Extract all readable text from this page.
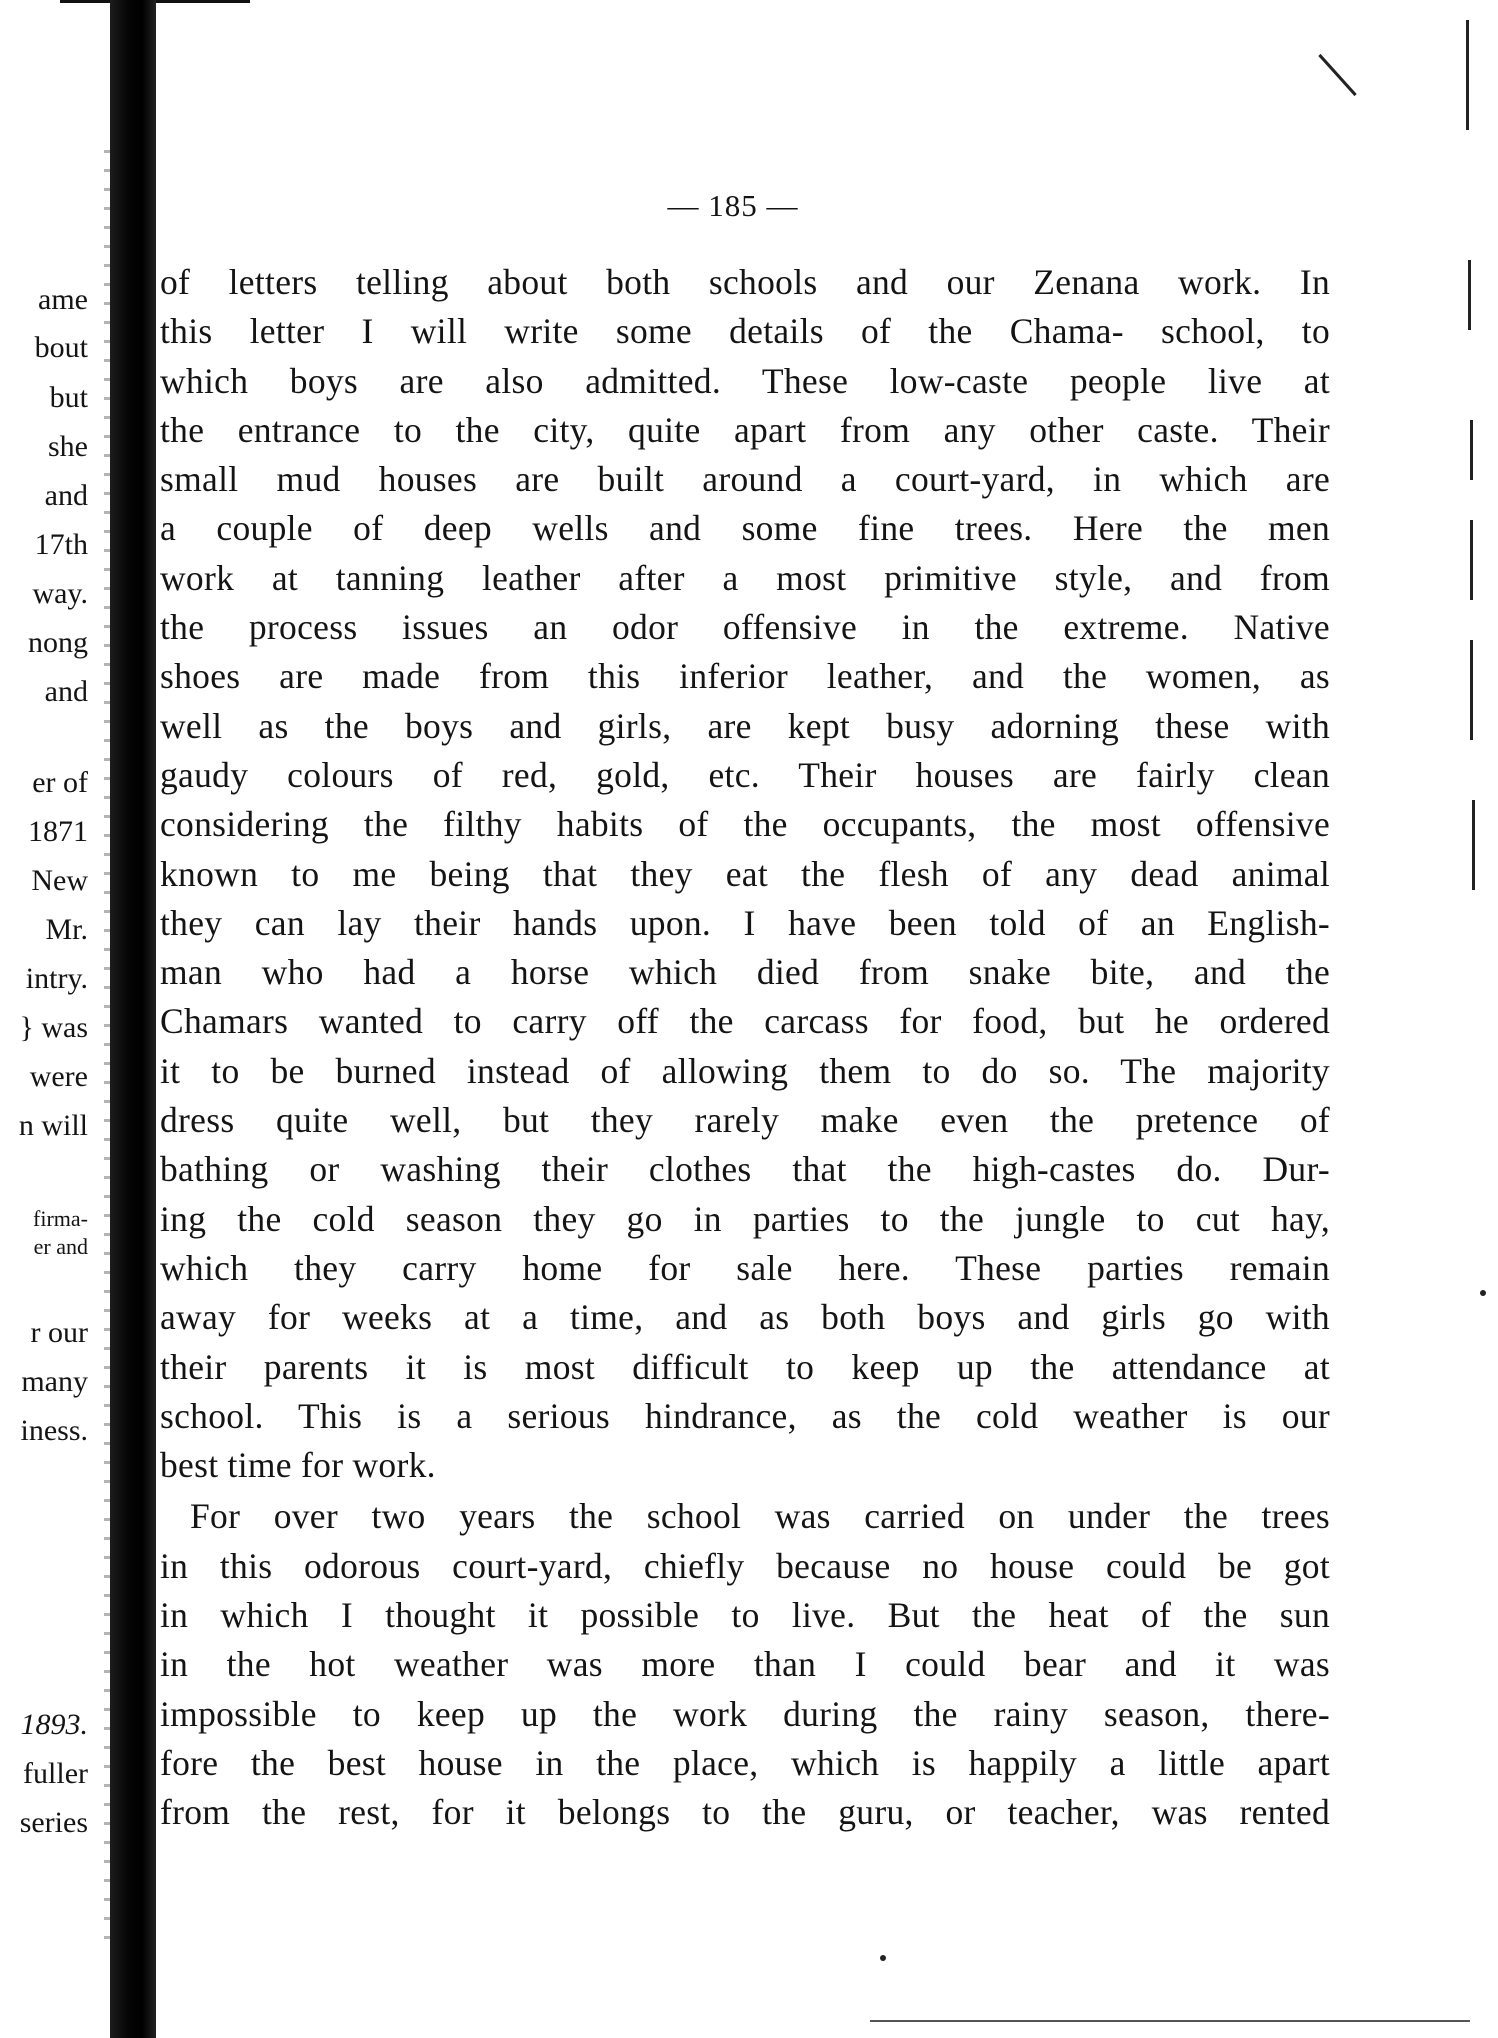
ame
bout
but
she
and
17th
way.
nong
and
er of
1871
New
Mr.
intry.
} was
were
n will
firma-
er and
r our
many
iness.
1893.
fuller
series
— 185 —
of letters telling about both schools and our Zenana work. In
this letter I will write some details of the Chama- school, to
which boys are also admitted. These low-caste people live at
the entrance to the city, quite apart from any other caste. Their
small mud houses are built around a court-yard, in which are
a couple of deep wells and some fine trees. Here the men
work at tanning leather after a most primitive style, and from
the process issues an odor offensive in the extreme. Native
shoes are made from this inferior leather, and the women, as
well as the boys and girls, are kept busy adorning these with
gaudy colours of red, gold, etc. Their houses are fairly clean
considering the filthy habits of the occupants, the most offensive
known to me being that they eat the flesh of any dead animal
they can lay their hands upon. I have been told of an English-
man who had a horse which died from snake bite, and the
Chamars wanted to carry off the carcass for food, but he ordered
it to be burned instead of allowing them to do so. The majority
dress quite well, but they rarely make even the pretence of
bathing or washing their clothes that the high-castes do. Dur-
ing the cold season they go in parties to the jungle to cut hay,
which they carry home for sale here. These parties remain
away for weeks at a time, and as both boys and girls go with
their parents it is most difficult to keep up the attendance at
school. This is a serious hindrance, as the cold weather is our
best time for work.
For over two years the school was carried on under the trees
in this odorous court-yard, chiefly because no house could be got
in which I thought it possible to live. But the heat of the sun
in the hot weather was more than I could bear and it was
impossible to keep up the work during the rainy season, there-
fore the best house in the place, which is happily a little apart
from the rest, for it belongs to the guru, or teacher, was rented
